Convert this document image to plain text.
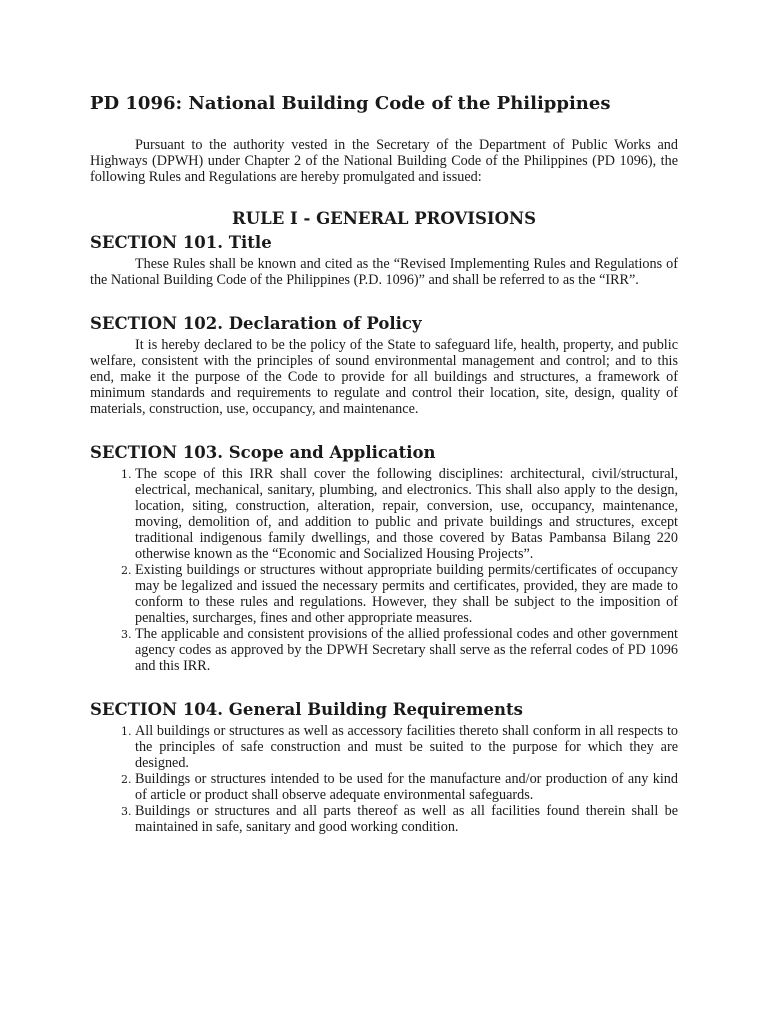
PD 1096: National Building Code of the Philippines

Pursuant to the authority vested in the Secretary of the Department of Public Works and Highways (DPWH) under Chapter 2 of the National Building Code of the Philippines (PD 1096), the following Rules and Regulations are hereby promulgated and issued:

RULE I - GENERAL PROVISIONS
SECTION 101. Title

These Rules shall be known and cited as the “Revised Implementing Rules and Regulations of the National Building Code of the Philippines (P.D. 1096)” and shall be referred to as the “IRR”.

SECTION 102. Declaration of Policy

It is hereby declared to be the policy of the State to safeguard life, health, property, and public welfare, consistent with the principles of sound environmental management and control; and to this end, make it the purpose of the Code to provide for all buildings and structures, a framework of minimum standards and requirements to regulate and control their location, site, design, quality of materials, construction, use, occupancy, and maintenance.

SECTION 103. Scope and Application
1. The scope of this IRR shall cover the following disciplines: architectural, civil/structural, electrical, mechanical, sanitary, plumbing, and electronics. This shall also apply to the design, location, siting, construction, alteration, repair, conversion, use, occupancy, maintenance, moving, demolition of, and addition to public and private buildings and structures, except traditional indigenous family dwellings, and those covered by Batas Pambansa Bilang 220 otherwise known as the “Economic and Socialized Housing Projects”.
2. Existing buildings or structures without appropriate building permits/certificates of occupancy may be legalized and issued the necessary permits and certificates, provided, they are made to conform to these rules and regulations. However, they shall be subject to the imposition of penalties, surcharges, fines and other appropriate measures.
3. The applicable and consistent provisions of the allied professional codes and other government agency codes as approved by the DPWH Secretary shall serve as the referral codes of PD 1096 and this IRR.
SECTION 104. General Building Requirements
1. All buildings or structures as well as accessory facilities thereto shall conform in all respects to the principles of safe construction and must be suited to the purpose for which they are designed.
2. Buildings or structures intended to be used for the manufacture and/or production of any kind of article or product shall observe adequate environmental safeguards.
3. Buildings or structures and all parts thereof as well as all facilities found therein shall be maintained in safe, sanitary and good working condition.
